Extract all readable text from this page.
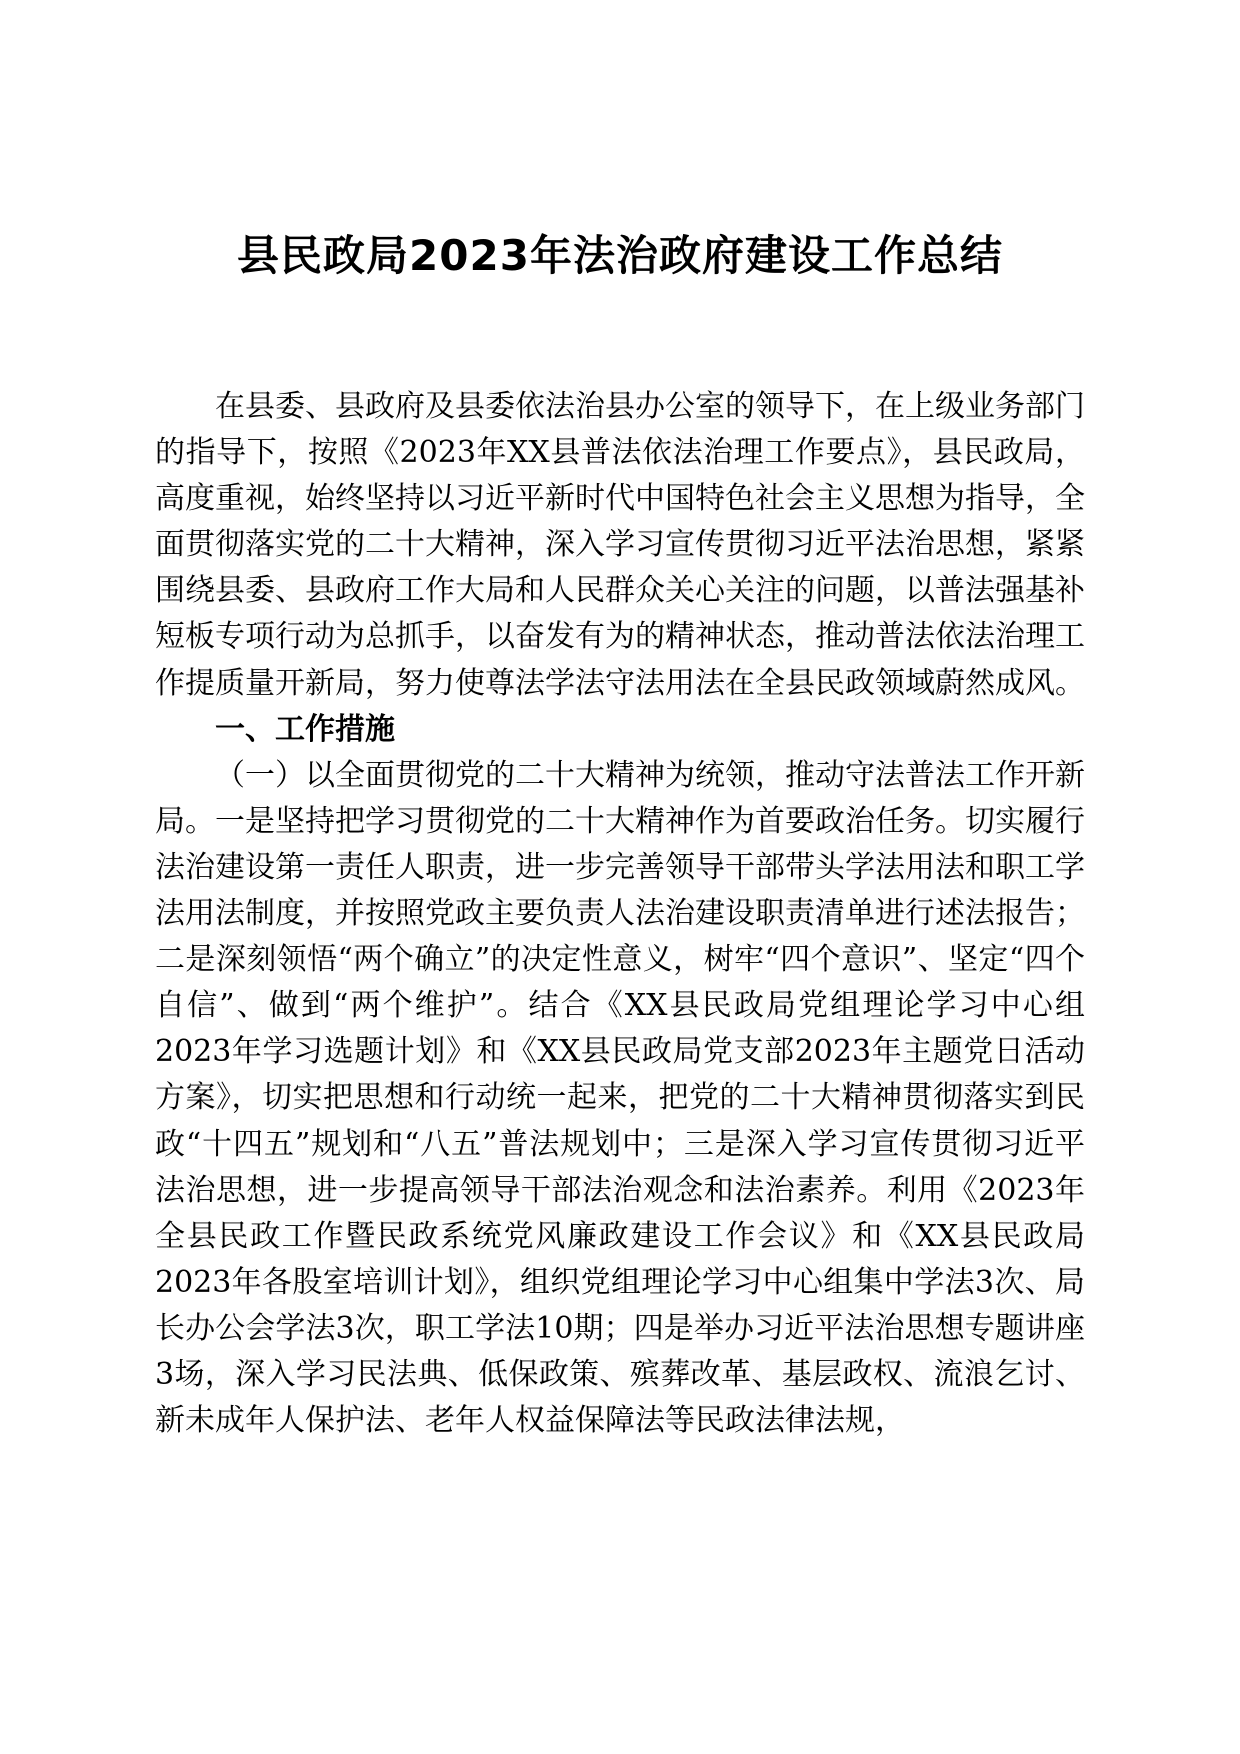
县民政局2023年法治政府建设工作总结

在县委、县政府及县委依法治县办公室的领导下，在上级业务部门的指导下，按照《2023年XX县普法依法治理工作要点》，县民政局，高度重视，始终坚持以习近平新时代中国特色社会主义思想为指导，全面贯彻落实党的二十大精神，深入学习宣传贯彻习近平法治思想，紧紧围绕县委、县政府工作大局和人民群众关心关注的问题，以普法强基补短板专项行动为总抓手，以奋发有为的精神状态，推动普法依法治理工作提质量开新局，努力使尊法学法守法用法在全县民政领域蔚然成风。

一、工作措施

（一）以全面贯彻党的二十大精神为统领，推动守法普法工作开新局。一是坚持把学习贯彻党的二十大精神作为首要政治任务。切实履行法治建设第一责任人职责，进一步完善领导干部带头学法用法和职工学法用法制度，并按照党政主要负责人法治建设职责清单进行述法报告；二是深刻领悟“两个确立”的决定性意义，树牢“四个意识”、坚定“四个自信”、做到“两个维护”。结合《XX县民政局党组理论学习中心组2023年学习选题计划》和《XX县民政局党支部2023年主题党日活动方案》，切实把思想和行动统一起来，把党的二十大精神贯彻落实到民政“十四五”规划和“八五”普法规划中；三是深入学习宣传贯彻习近平法治思想，进一步提高领导干部法治观念和法治素养。利用《2023年全县民政工作暨民政系统党风廉政建设工作会议》和《XX县民政局2023年各股室培训计划》，组织党组理论学习中心组集中学法3次、局长办公会学法3次，职工学法10期；四是举办习近平法治思想专题讲座3场，深入学习民法典、低保政策、殡葬改革、基层政权、流浪乞讨、新未成年人保护法、老年人权益保障法等民政法律法规，
